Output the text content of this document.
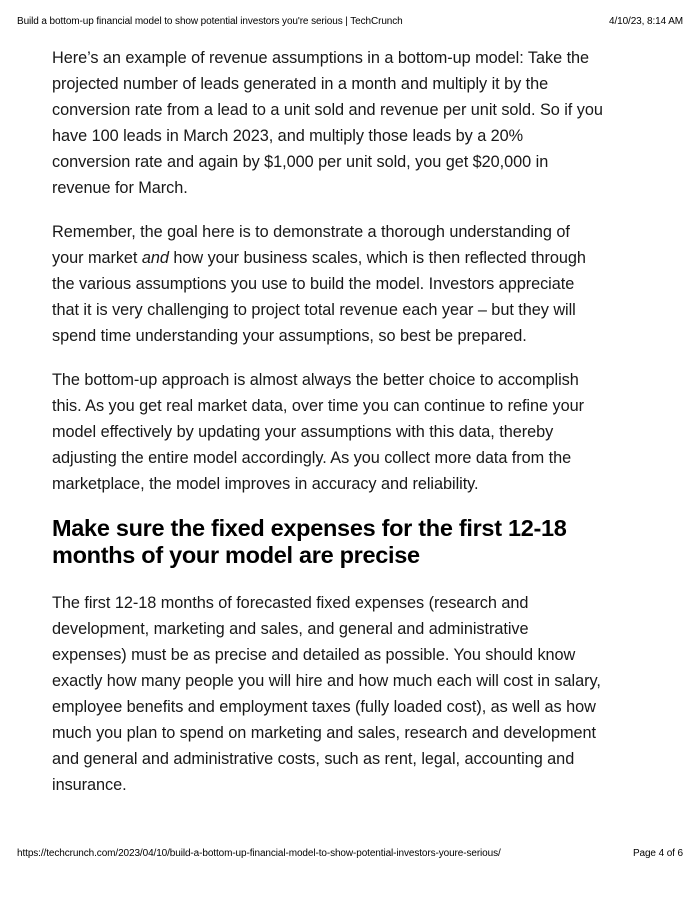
Build a bottom-up financial model to show potential investors you're serious | TechCrunch	4/10/23, 8:14 AM

Here’s an example of revenue assumptions in a bottom-up model: Take the
projected number of leads generated in a month and multiply it by the
conversion rate from a lead to a unit sold and revenue per unit sold. So if you
have 100 leads in March 2023, and multiply those leads by a 20%
conversion rate and again by $1,000 per unit sold, you get $20,000 in
revenue for March.

Remember, the goal here is to demonstrate a thorough understanding of
your market and how your business scales, which is then reflected through
the various assumptions you use to build the model. Investors appreciate
that it is very challenging to project total revenue each year – but they will
spend time understanding your assumptions, so best be prepared.

The bottom-up approach is almost always the better choice to accomplish
this. As you get real market data, over time you can continue to refine your
model effectively by updating your assumptions with this data, thereby
adjusting the entire model accordingly. As you collect more data from the
marketplace, the model improves in accuracy and reliability.

Make sure the fixed expenses for the first 12-18
months of your model are precise

The first 12-18 months of forecasted fixed expenses (research and
development, marketing and sales, and general and administrative
expenses) must be as precise and detailed as possible. You should know
exactly how many people you will hire and how much each will cost in salary,
employee benefits and employment taxes (fully loaded cost), as well as how
much you plan to spend on marketing and sales, research and development
and general and administrative costs, such as rent, legal, accounting and
insurance.

https://techcrunch.com/2023/04/10/build-a-bottom-up-financial-model-to-show-potential-investors-youre-serious/	Page 4 of 6
